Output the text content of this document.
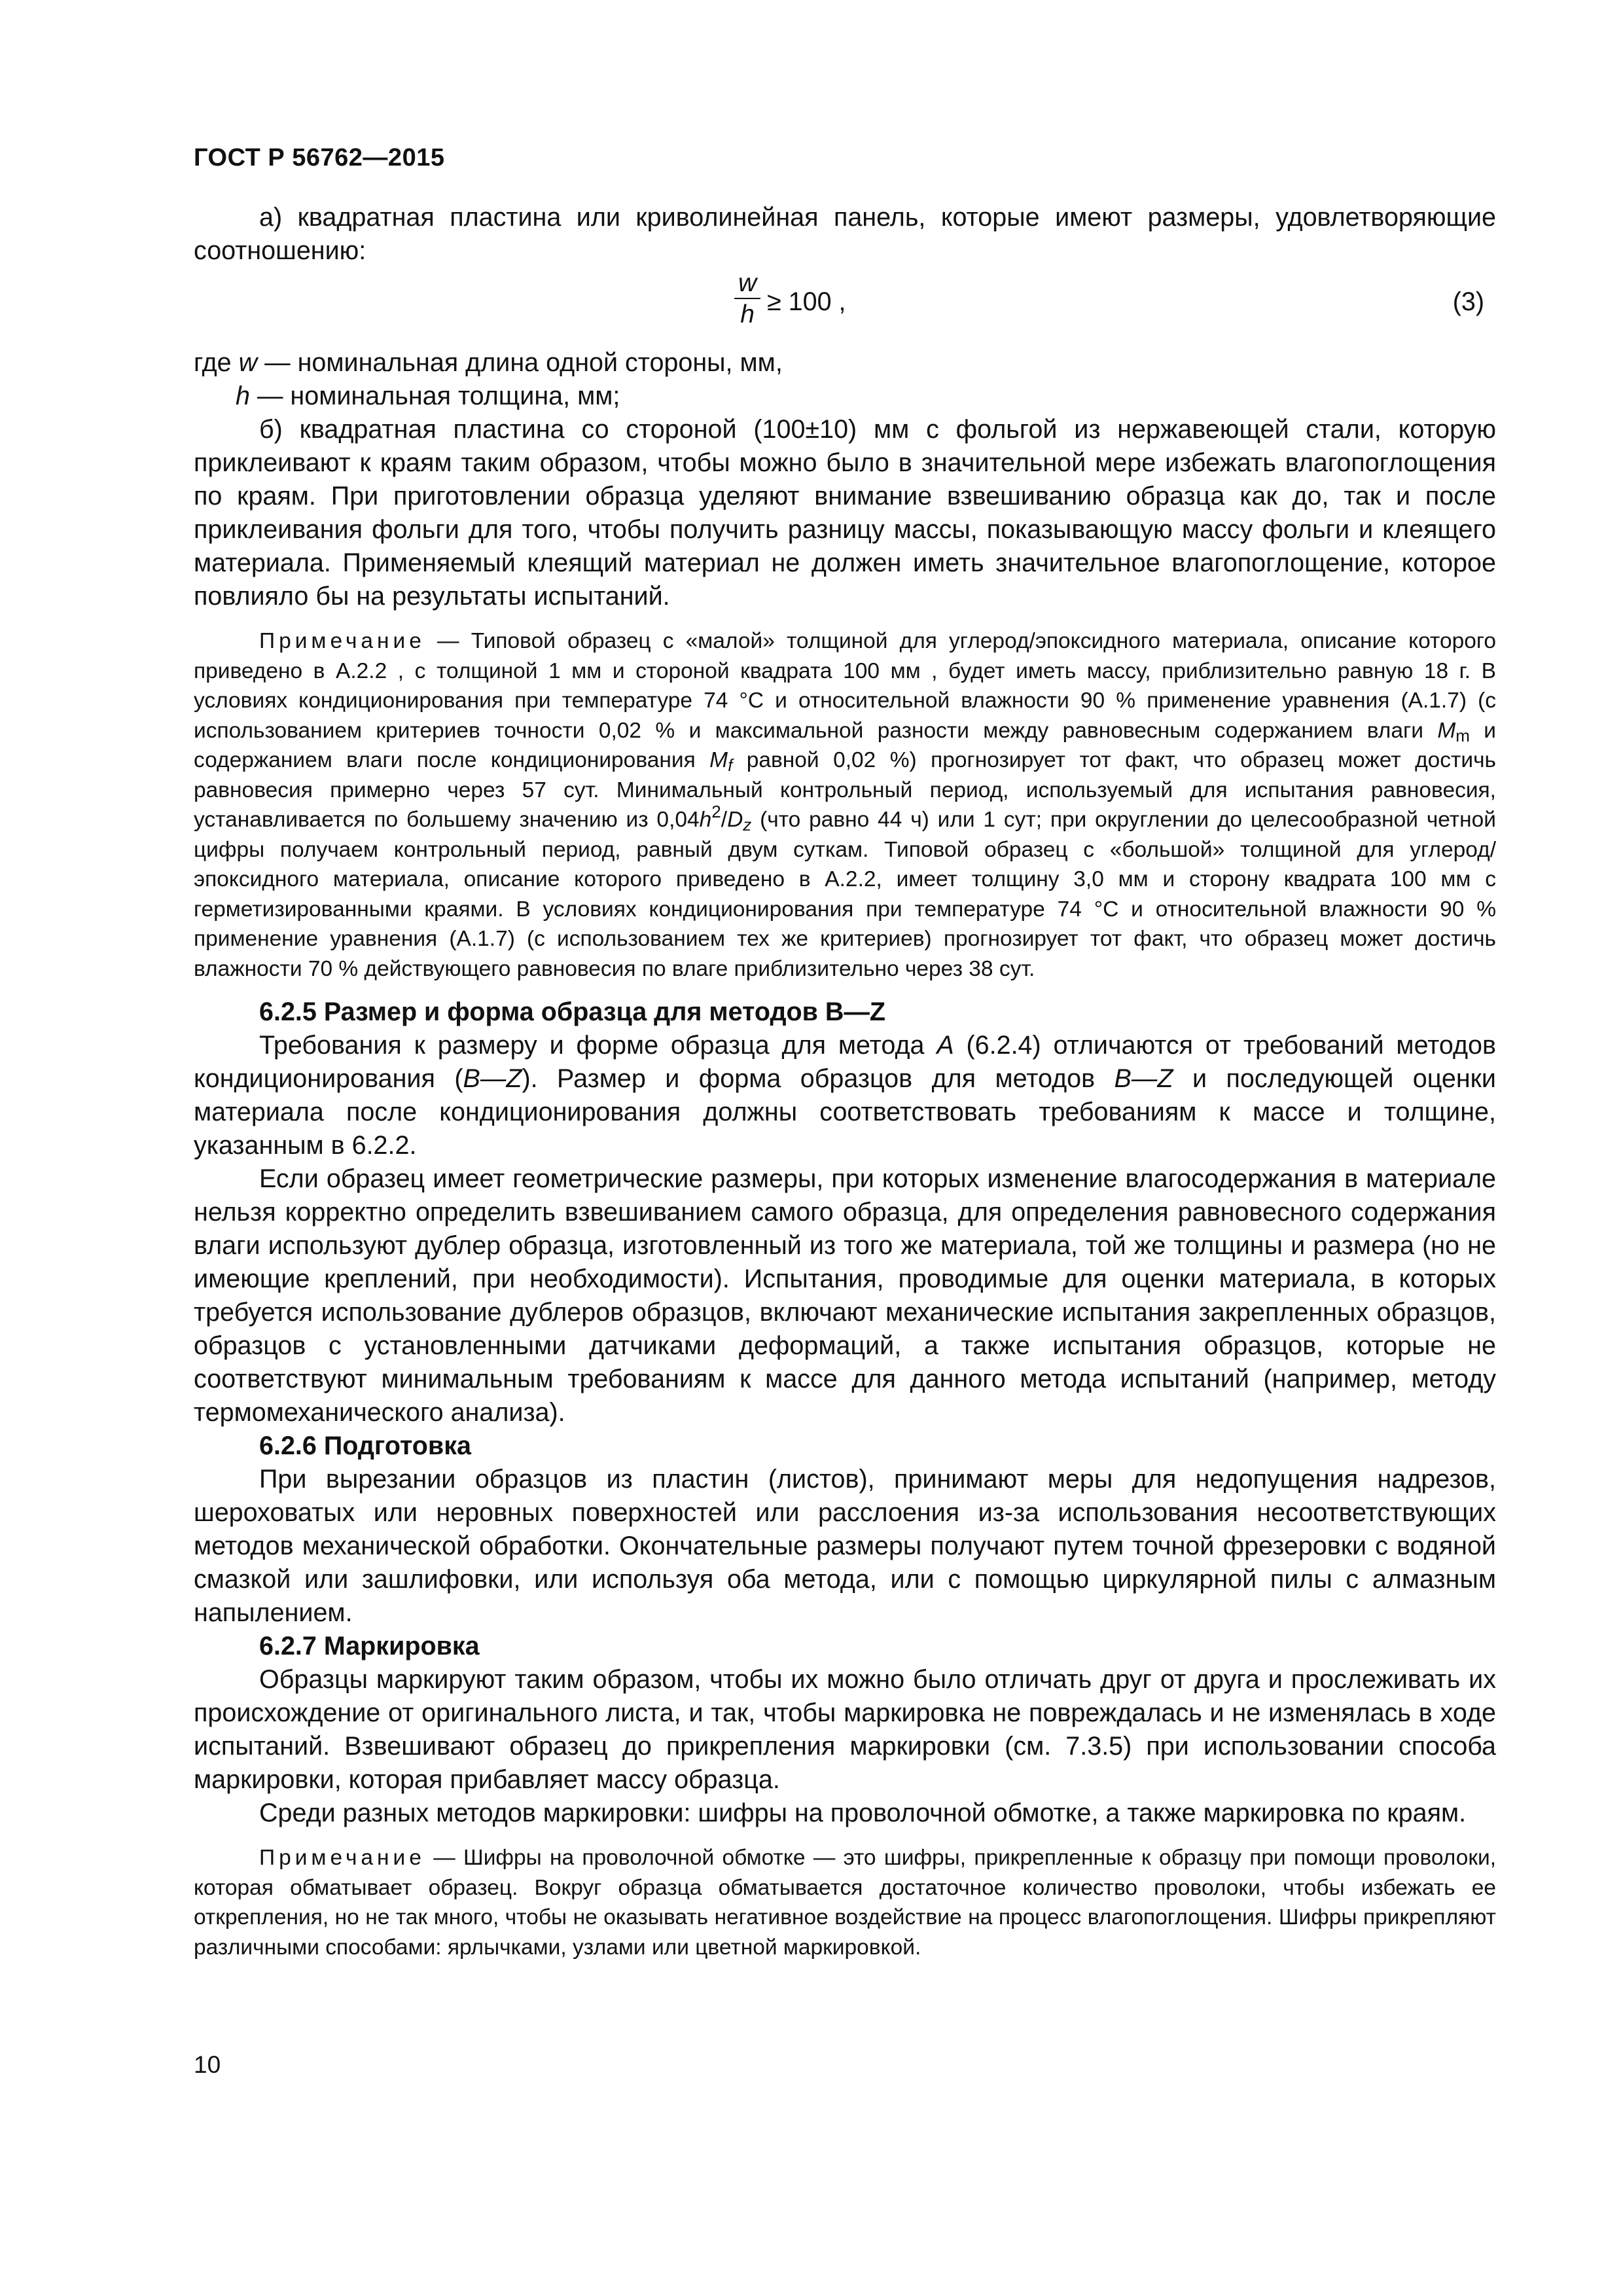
ГОСТ Р 56762—2015

а) квадратная пластина или криволинейная панель, которые имеют размеры, удовлетворяющие соотношению:

$\frac{w}{h} \ge 100$ ,	(3)
где w — номинальная длина одной стороны, мм,
h — номинальная толщина, мм;

б) квадратная пластина со стороной (100±10) мм с фольгой из нержавеющей стали, которую приклеивают к краям таким образом, чтобы можно было в значительной мере избежать влагопоглощения по краям. При приготовлении образца уделяют внимание взвешиванию образца как до, так и после приклеивания фольги для того, чтобы получить разницу массы, показывающую массу фольги и клеящего материала. Применяемый клеящий материал не должен иметь значительное влагопоглощение, которое повлияло бы на результаты испытаний.

Примечание — Типовой образец с «малой» толщиной для углерод/эпоксидного материала, описание которого приведено в А.2.2 , с толщиной 1 мм и стороной квадрата 100 мм , будет иметь массу, приблизительно равную 18 г. В условиях кондиционирования при температуре 74 °С и относительной влажности 90 % применение уравнения (А.1.7) (с использованием критериев точности 0,02 % и максимальной разности между равновесным содержанием влаги $M_m$ и содержанием влаги после кондиционирования $M_f$ равной 0,02 %) прогнозирует тот факт, что образец может достичь равновесия примерно через 57 сут. Минимальный контрольный период, используемый для испытания равновесия, устанавливается по большему значению из $0,04h^2/D_z$ (что равно 44 ч) или 1 сут; при округлении до целесообразной четной цифры получаем контрольный период, равный двум суткам. Типовой образец с «большой» толщиной для углерод/эпоксидного материала, описание которого приведено в А.2.2, имеет толщину 3,0 мм и сторону квадрата 100 мм с герметизированными краями. В условиях кондиционирования при температуре 74 °С и относительной влажности 90 % применение уравнения (А.1.7) (с использованием тех же критериев) прогнозирует тот факт, что образец может достичь влажности 70 % действующего равновесия по влаге приблизительно через 38 сут.

6.2.5 Размер и форма образца для методов В—Z

Требования к размеру и форме образца для метода А (6.2.4) отличаются от требований методов кондиционирования (В—Z). Размер и форма образцов для методов В—Z и последующей оценки материала после кондиционирования должны соответствовать требованиям к массе и толщине, указанным в 6.2.2.

Если образец имеет геометрические размеры, при которых изменение влагосодержания в материале нельзя корректно определить взвешиванием самого образца, для определения равновесного содержания влаги используют дублер образца, изготовленный из того же материала, той же толщины и размера (но не имеющие креплений, при необходимости). Испытания, проводимые для оценки материала, в которых требуется использование дублеров образцов, включают механические испытания закрепленных образцов, образцов с установленными датчиками деформаций, а также испытания образцов, которые не соответствуют минимальным требованиям к массе для данного метода испытаний (например, методу термомеханического анализа).

6.2.6 Подготовка

При вырезании образцов из пластин (листов), принимают меры для недопущения надрезов, шероховатых или неровных поверхностей или расслоения из-за использования несоответствующих методов механической обработки. Окончательные размеры получают путем точной фрезеровки с водяной смазкой или зашлифовки, или используя оба метода, или с помощью циркулярной пилы с алмазным напылением.

6.2.7 Маркировка

Образцы маркируют таким образом, чтобы их можно было отличать друг от друга и прослеживать их происхождение от оригинального листа, и так, чтобы маркировка не повреждалась и не изменялась в ходе испытаний. Взвешивают образец до прикрепления маркировки (см. 7.3.5) при использовании способа маркировки, которая прибавляет массу образца.

Среди разных методов маркировки: шифры на проволочной обмотке, а также маркировка по краям.

Примечание — Шифры на проволочной обмотке — это шифры, прикрепленные к образцу при помощи проволоки, которая обматывает образец. Вокруг образца обматывается достаточное количество проволоки, чтобы избежать ее открепления, но не так много, чтобы не оказывать негативное воздействие на процесс влагопоглощения. Шифры прикрепляют различными способами: ярлычками, узлами или цветной маркировкой.
10
